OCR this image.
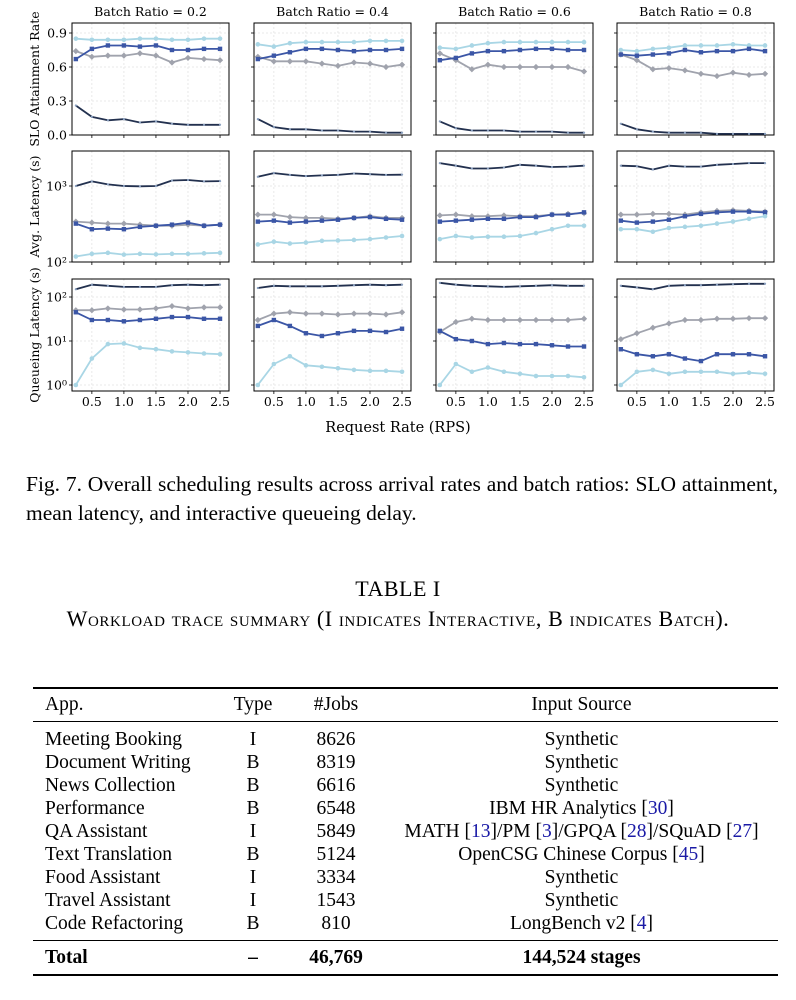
0.0
0.3
0.6
0.9
SLO Attainment Rate
10³
10²
Avg. Latency (s)
10²
10¹
10⁰
Queueing Latency (s)
Batch Ratio = 0.2	Batch Ratio = 0.4	Batch Ratio = 0.6	Batch Ratio = 0.8
0.5 1.0 1.5 2.0 2.5	0.5 1.0 1.5 2.0 2.5	0.5 1.0 1.5 2.0 2.5	0.5 1.0 1.5 2.0 2.5
Request Rate (RPS)
Fig. 7. Overall scheduling results across arrival rates and batch ratios: SLO attainment, mean latency, and interactive queueing delay.
TABLE I
Workload trace summary (I indicates Interactive, B indicates Batch).
App.	Type	#Jobs	Input Source
Meeting Booking	I	8626	Synthetic
Document Writing	B	8319	Synthetic
News Collection	B	6616	Synthetic
Performance	B	6548	IBM HR Analytics [30]
QA Assistant	I	5849	MATH [13]/PM [3]/GPQA [28]/SQuAD [27]
Text Translation	B	5124	OpenCSG Chinese Corpus [45]
Food Assistant	I	3334	Synthetic
Travel Assistant	I	1543	Synthetic
Code Refactoring	B	810	LongBench v2 [4]
Total	–	46,769	144,524 stages
